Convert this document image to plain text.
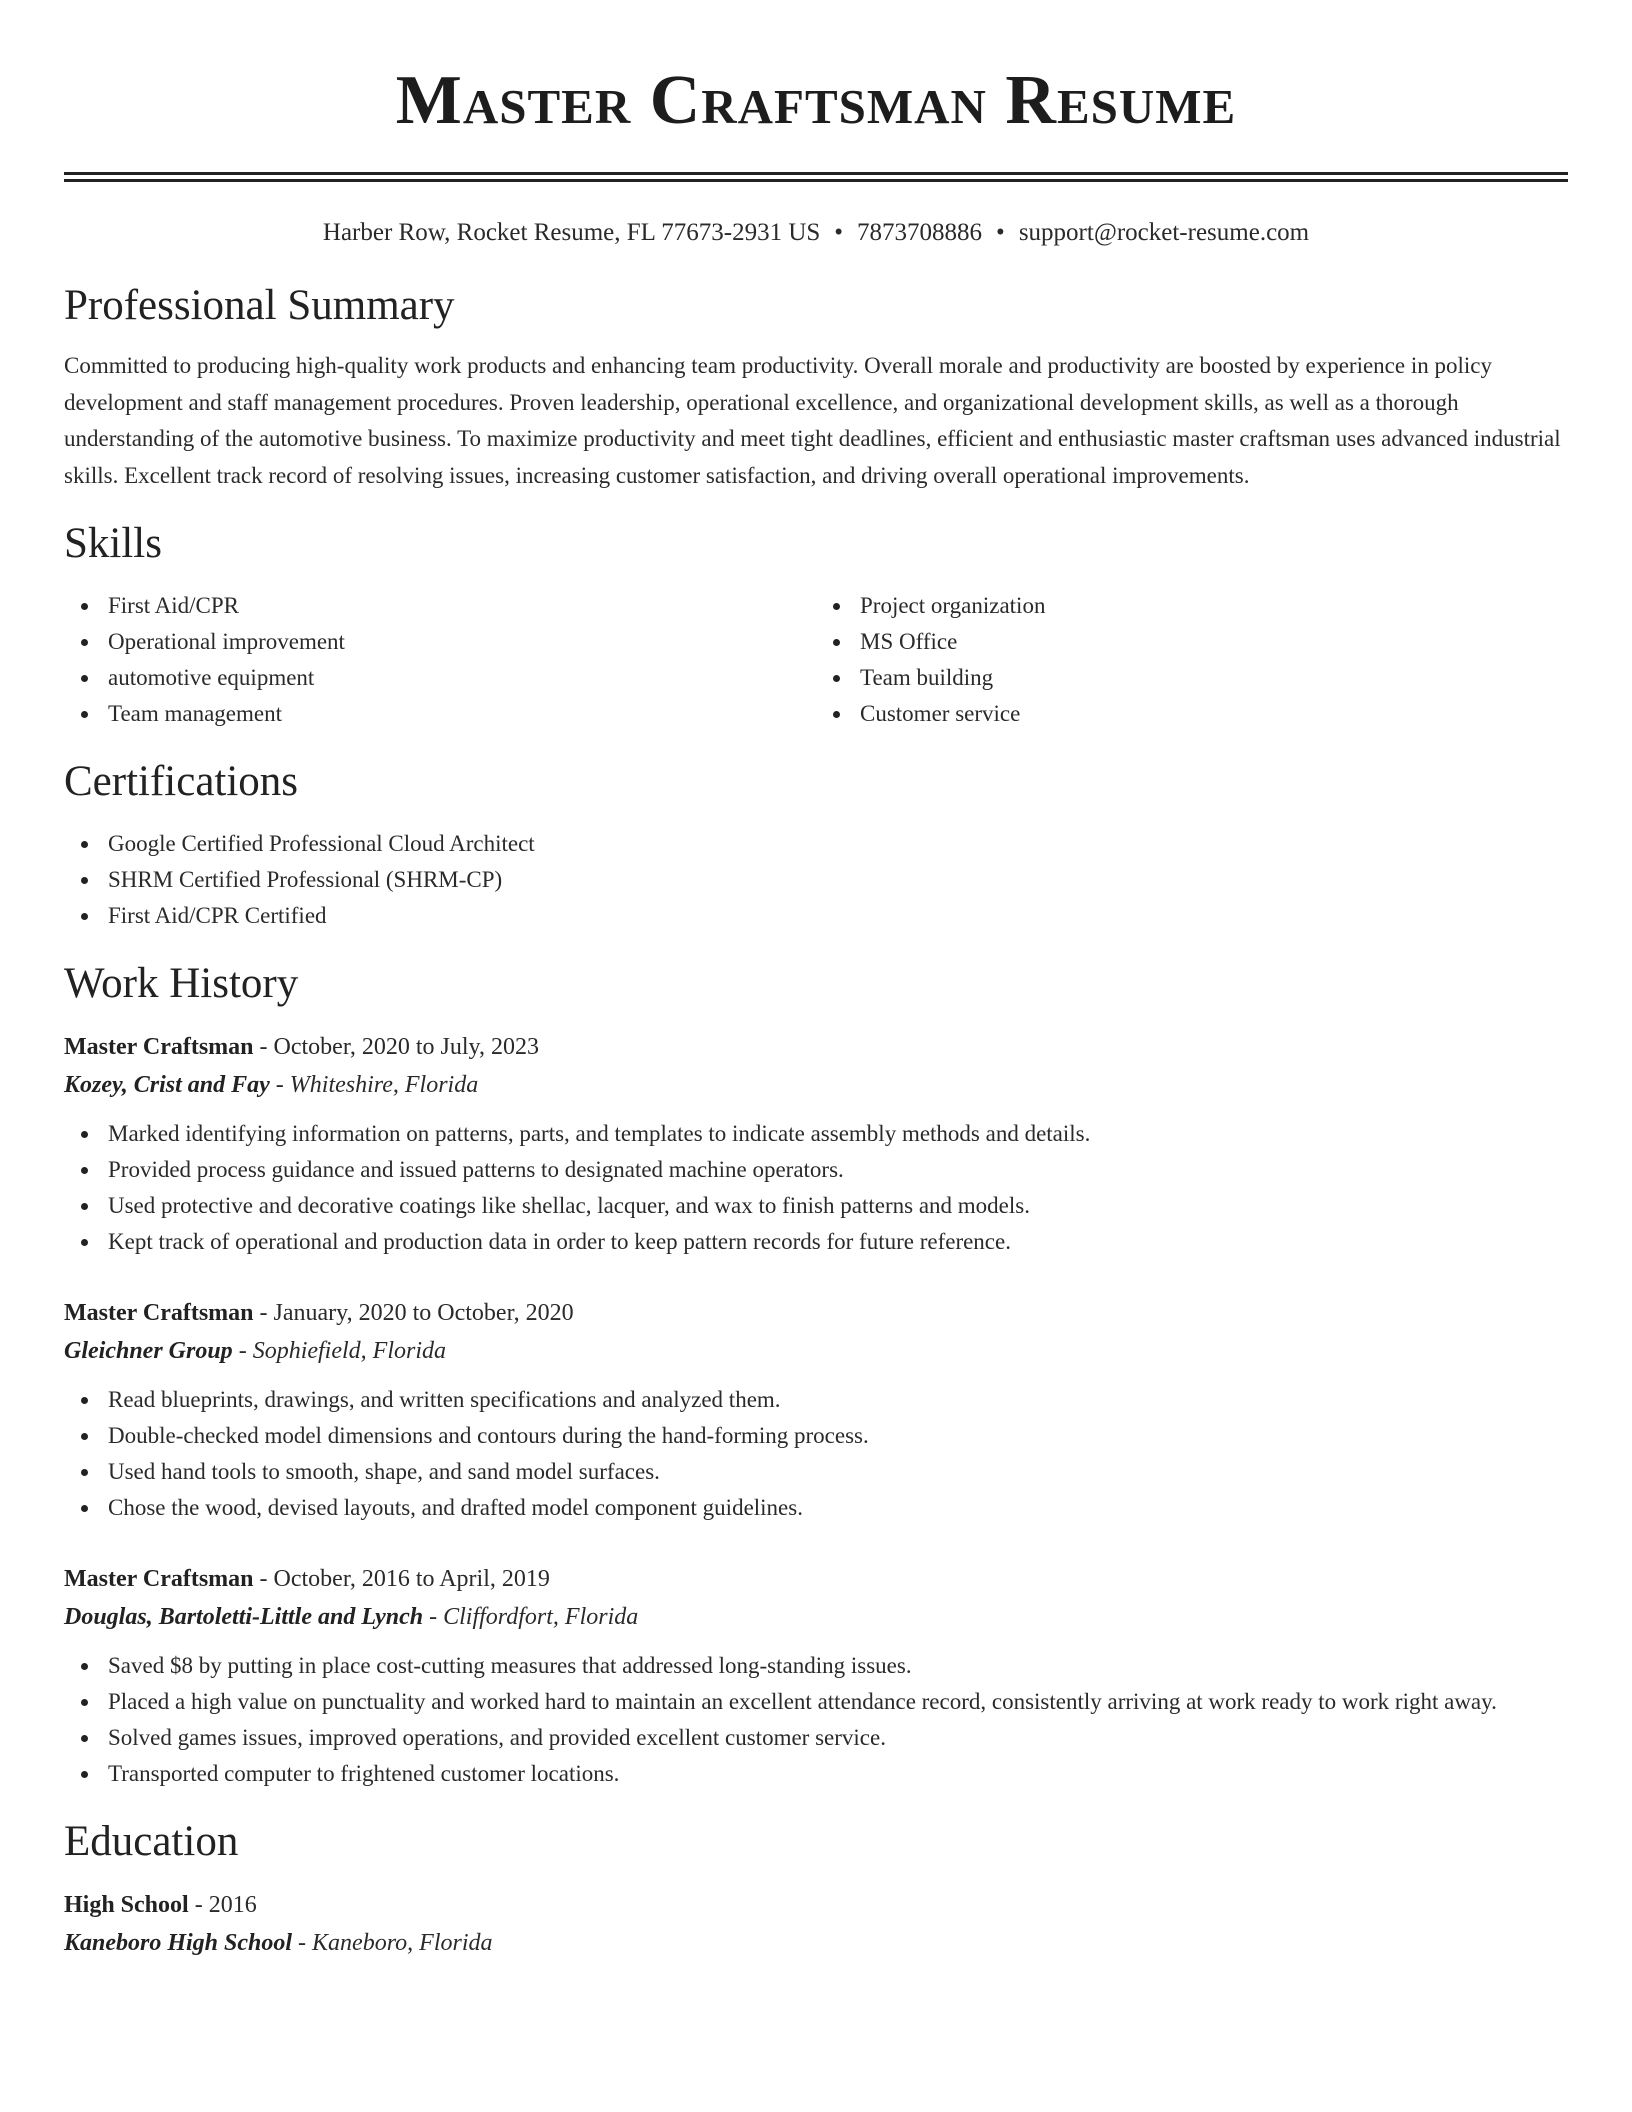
Master Craftsman Resume
Harber Row, Rocket Resume, FL 77673-2931 US • 7873708886 • support@rocket-resume.com
Professional Summary

Committed to producing high-quality work products and enhancing team productivity. Overall morale and productivity are boosted by experience in policy development and staff management procedures. Proven leadership, operational excellence, and organizational development skills, as well as a thorough understanding of the automotive business. To maximize productivity and meet tight deadlines, efficient and enthusiastic master craftsman uses advanced industrial skills. Excellent track record of resolving issues, increasing customer satisfaction, and driving overall operational improvements.

Skills
First Aid/CPR
Operational improvement
automotive equipment
Team management
Project organization
MS Office
Team building
Customer service
Certifications
Google Certified Professional Cloud Architect
SHRM Certified Professional (SHRM-CP)
First Aid/CPR Certified
Work History
Master Craftsman - October, 2020 to July, 2023
Kozey, Crist and Fay - Whiteshire, Florida
Marked identifying information on patterns, parts, and templates to indicate assembly methods and details.
Provided process guidance and issued patterns to designated machine operators.
Used protective and decorative coatings like shellac, lacquer, and wax to finish patterns and models.
Kept track of operational and production data in order to keep pattern records for future reference.
Master Craftsman - January, 2020 to October, 2020
Gleichner Group - Sophiefield, Florida
Read blueprints, drawings, and written specifications and analyzed them.
Double-checked model dimensions and contours during the hand-forming process.
Used hand tools to smooth, shape, and sand model surfaces.
Chose the wood, devised layouts, and drafted model component guidelines.
Master Craftsman - October, 2016 to April, 2019
Douglas, Bartoletti-Little and Lynch - Cliffordfort, Florida
Saved $8 by putting in place cost-cutting measures that addressed long-standing issues.
Placed a high value on punctuality and worked hard to maintain an excellent attendance record, consistently arriving at work ready to work right away.
Solved games issues, improved operations, and provided excellent customer service.
Transported computer to frightened customer locations.
Education
High School - 2016
Kaneboro High School - Kaneboro, Florida
